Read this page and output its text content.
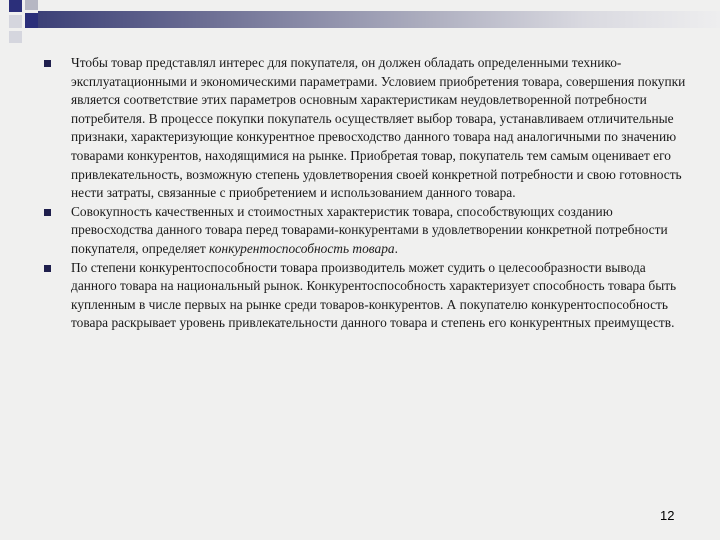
Чтобы товар представлял интерес для покупателя, он должен обладать определенными технико-эксплуатационными и экономическими параметрами. Условием приобретения товара, совершения покупки является соответствие этих параметров основным характеристикам неудовлетворенной потребности потребителя. В процессе покупки покупатель осуществляет выбор товара, устанавливаем отличительные признаки, характеризующие конкурентное превосходство данного товара над аналогичными по значению товарами конкурентов, находящимися на рынке. Приобретая товар, покупатель тем самым оценивает его привлекательность, возможную степень удовлетворения своей конкретной потребности и свою готовность нести затраты, связанные с приобретением и использованием данного товара.
Совокупность качественных и стоимостных характеристик товара, способствующих созданию превосходства данного товара перед товарами-конкурентами в удовлетворении конкретной потребности покупателя, определяет конкурентоспособность товара.
По степени конкурентоспособности товара производитель может судить о целесообразности вывода данного товара на национальный рынок. Конкурентоспособность характеризует способность товара быть купленным в числе первых на рынке среди товаров-конкурентов. А покупателю конкурентоспособность товара раскрывает уровень привлекательности данного товара и степень его конкурентных преимуществ.
12
